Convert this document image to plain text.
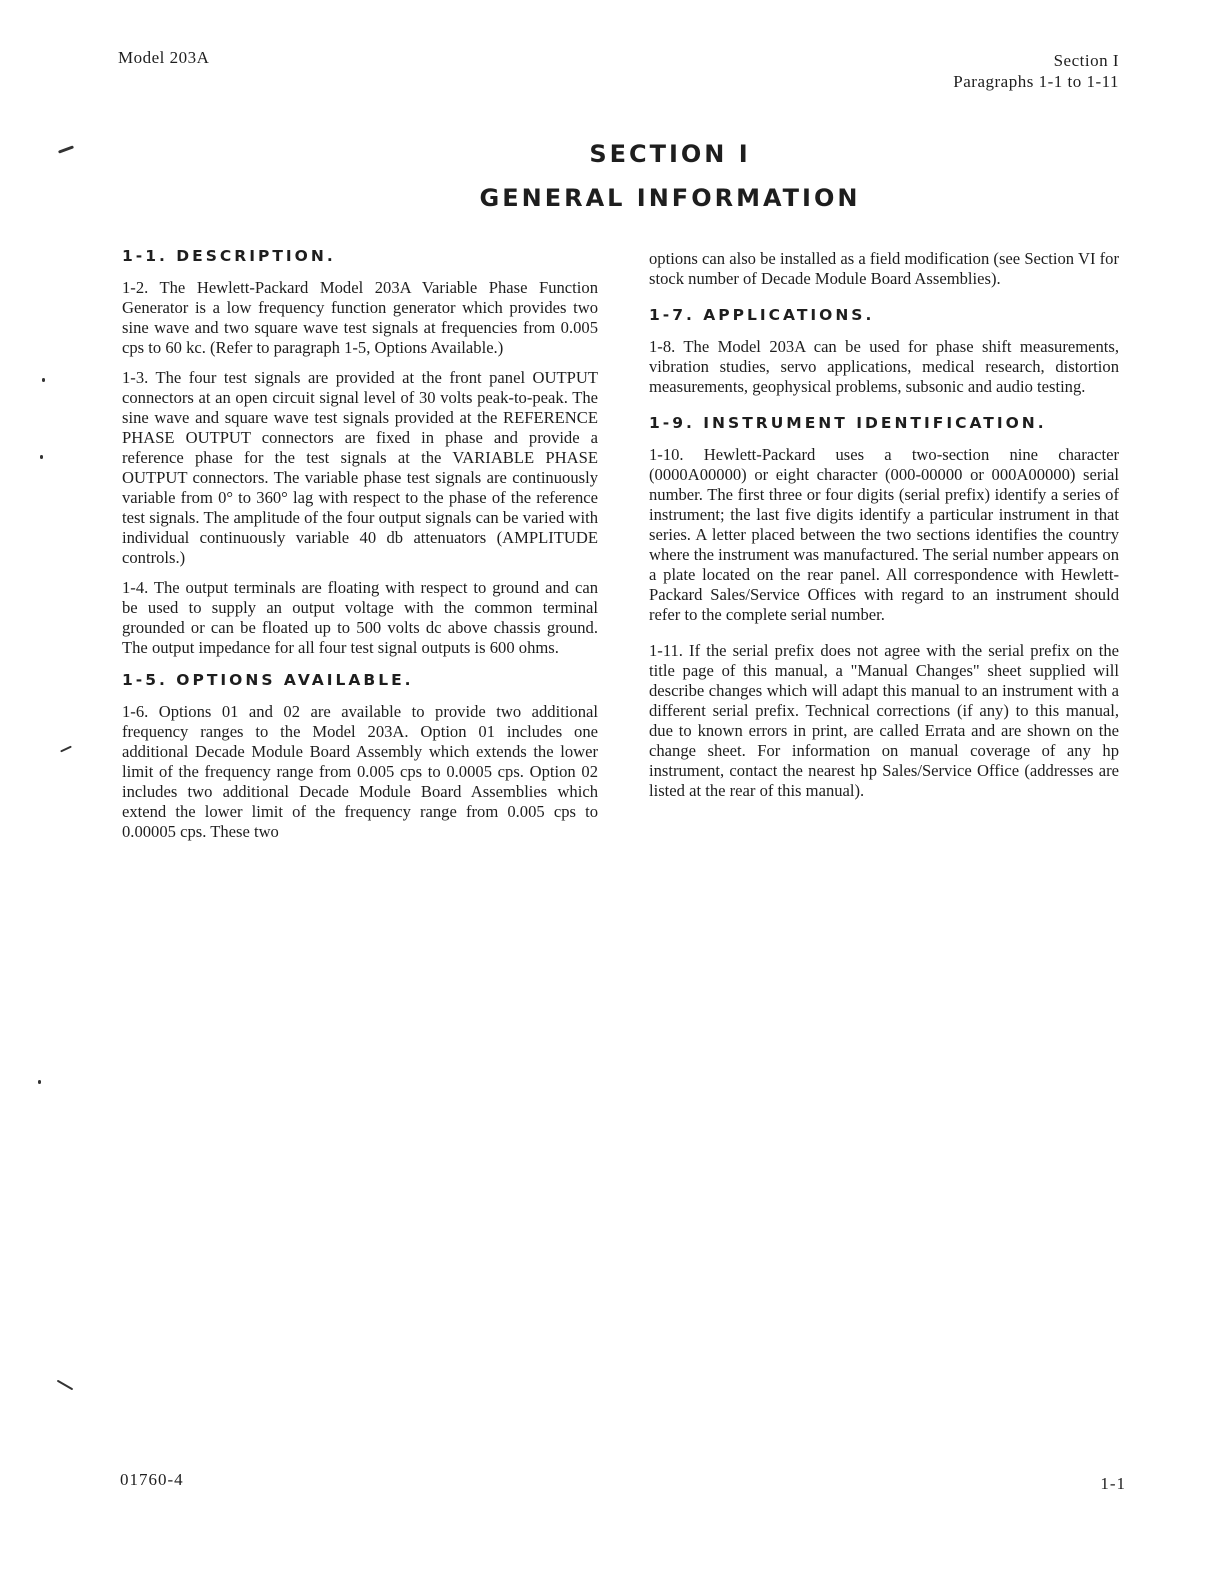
Model 203A	Section I
Paragraphs 1-1 to 1-11
SECTION I
GENERAL INFORMATION
1-1. DESCRIPTION.

1-2. The Hewlett-Packard Model 203A Variable Phase Function Generator is a low frequency function generator which provides two sine wave and two square wave test signals at frequencies from 0.005 cps to 60 kc. (Refer to paragraph 1-5, Options Available.)

1-3. The four test signals are provided at the front panel OUTPUT connectors at an open circuit signal level of 30 volts peak-to-peak. The sine wave and square wave test signals provided at the REFERENCE PHASE OUTPUT connectors are fixed in phase and provide a reference phase for the test signals at the VARIABLE PHASE OUTPUT connectors. The variable phase test signals are continuously variable from 0° to 360° lag with respect to the phase of the reference test signals. The amplitude of the four output signals can be varied with individual continuously variable 40 db attenuators (AMPLITUDE controls.)

1-4. The output terminals are floating with respect to ground and can be used to supply an output voltage with the common terminal grounded or can be floated up to 500 volts dc above chassis ground. The output impedance for all four test signal outputs is 600 ohms.

1-5. OPTIONS AVAILABLE.

1-6. Options 01 and 02 are available to provide two additional frequency ranges to the Model 203A. Option 01 includes one additional Decade Module Board Assembly which extends the lower limit of the frequency range from 0.005 cps to 0.0005 cps. Option 02 includes two additional Decade Module Board Assemblies which extend the lower limit of the frequency range from 0.005 cps to 0.00005 cps. These two

options can also be installed as a field modification (see Section VI for stock number of Decade Module Board Assemblies).

1-7. APPLICATIONS.

1-8. The Model 203A can be used for phase shift measurements, vibration studies, servo applications, medical research, distortion measurements, geophysical problems, subsonic and audio testing.

1-9. INSTRUMENT IDENTIFICATION.

1-10. Hewlett-Packard uses a two-section nine character (0000A00000) or eight character (000-00000 or 000A00000) serial number. The first three or four digits (serial prefix) identify a series of instrument; the last five digits identify a particular instrument in that series. A letter placed between the two sections identifies the country where the instrument was manufactured. The serial number appears on a plate located on the rear panel. All correspondence with Hewlett-Packard Sales/Service Offices with regard to an instrument should refer to the complete serial number.

1-11. If the serial prefix does not agree with the serial prefix on the title page of this manual, a "Manual Changes" sheet supplied will describe changes which will adapt this manual to an instrument with a different serial prefix. Technical corrections (if any) to this manual, due to known errors in print, are called Errata and are shown on the change sheet. For information on manual coverage of any hp instrument, contact the nearest hp Sales/Service Office (addresses are listed at the rear of this manual).

01760-4	1-1
